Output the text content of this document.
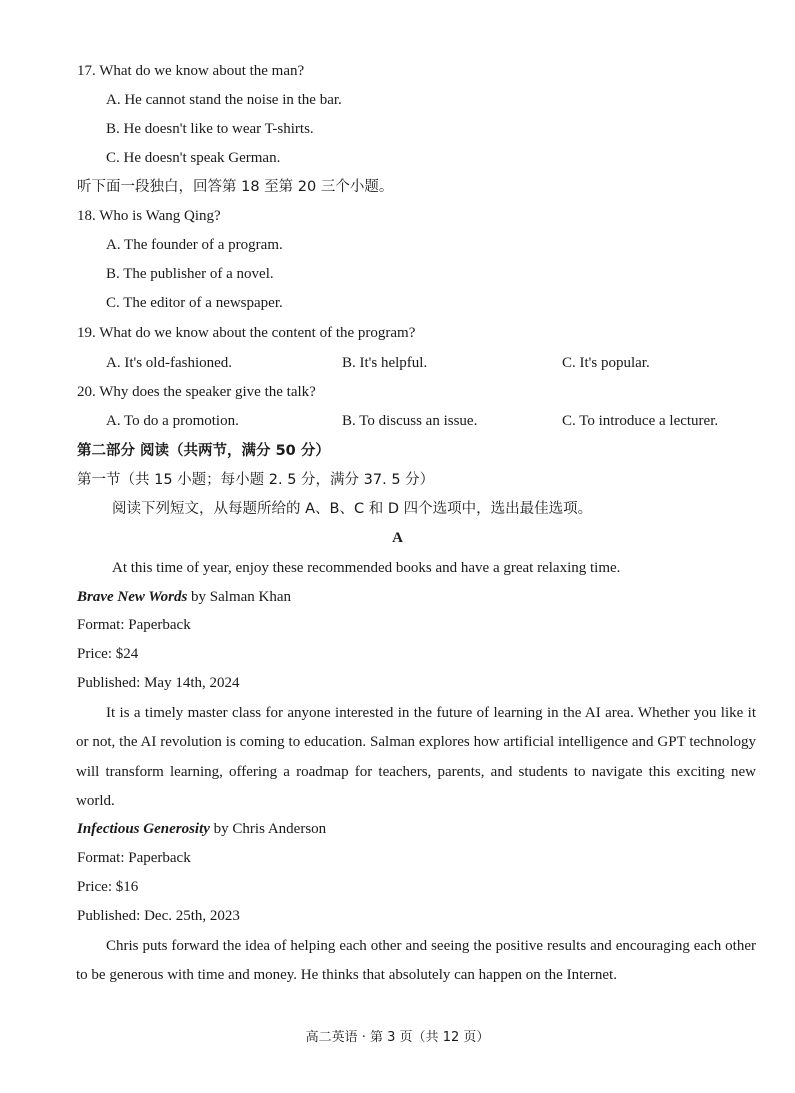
17. What do we know about the man?
A. He cannot stand the noise in the bar.
B. He doesn't like to wear T-shirts.
C. He doesn't speak German.
听下面一段独白，回答第 18 至第 20 三个小题。
18. Who is Wang Qing?
A. The founder of a program.
B. The publisher of a novel.
C. The editor of a newspaper.
19. What do we know about the content of the program?
A. It's old-fashioned.	B. It's helpful.	C. It's popular.
20. Why does the speaker give the talk?
A. To do a promotion.	B. To discuss an issue.	C. To introduce a lecturer.
第二部分 阅读（共两节，满分 50 分）
第一节（共 15 小题；每小题 2. 5 分，满分 37. 5 分）
阅读下列短文，从每题所给的 A、B、C 和 D 四个选项中，选出最佳选项。
A
At this time of year, enjoy these recommended books and have a great relaxing time.
Brave New Words by Salman Khan
Format: Paperback
Price: $24
Published: May 14th, 2024
It is a timely master class for anyone interested in the future of learning in the AI area. Whether you like it or not, the AI revolution is coming to education. Salman explores how artificial intelligence and GPT technology will transform learning, offering a roadmap for teachers, parents, and students to navigate this exciting new world.
Infectious Generosity by Chris Anderson
Format: Paperback
Price: $16
Published: Dec. 25th, 2023
Chris puts forward the idea of helping each other and seeing the positive results and encouraging each other to be generous with time and money. He thinks that absolutely can happen on the Internet.
高二英语 · 第 3 页（共 12 页）
